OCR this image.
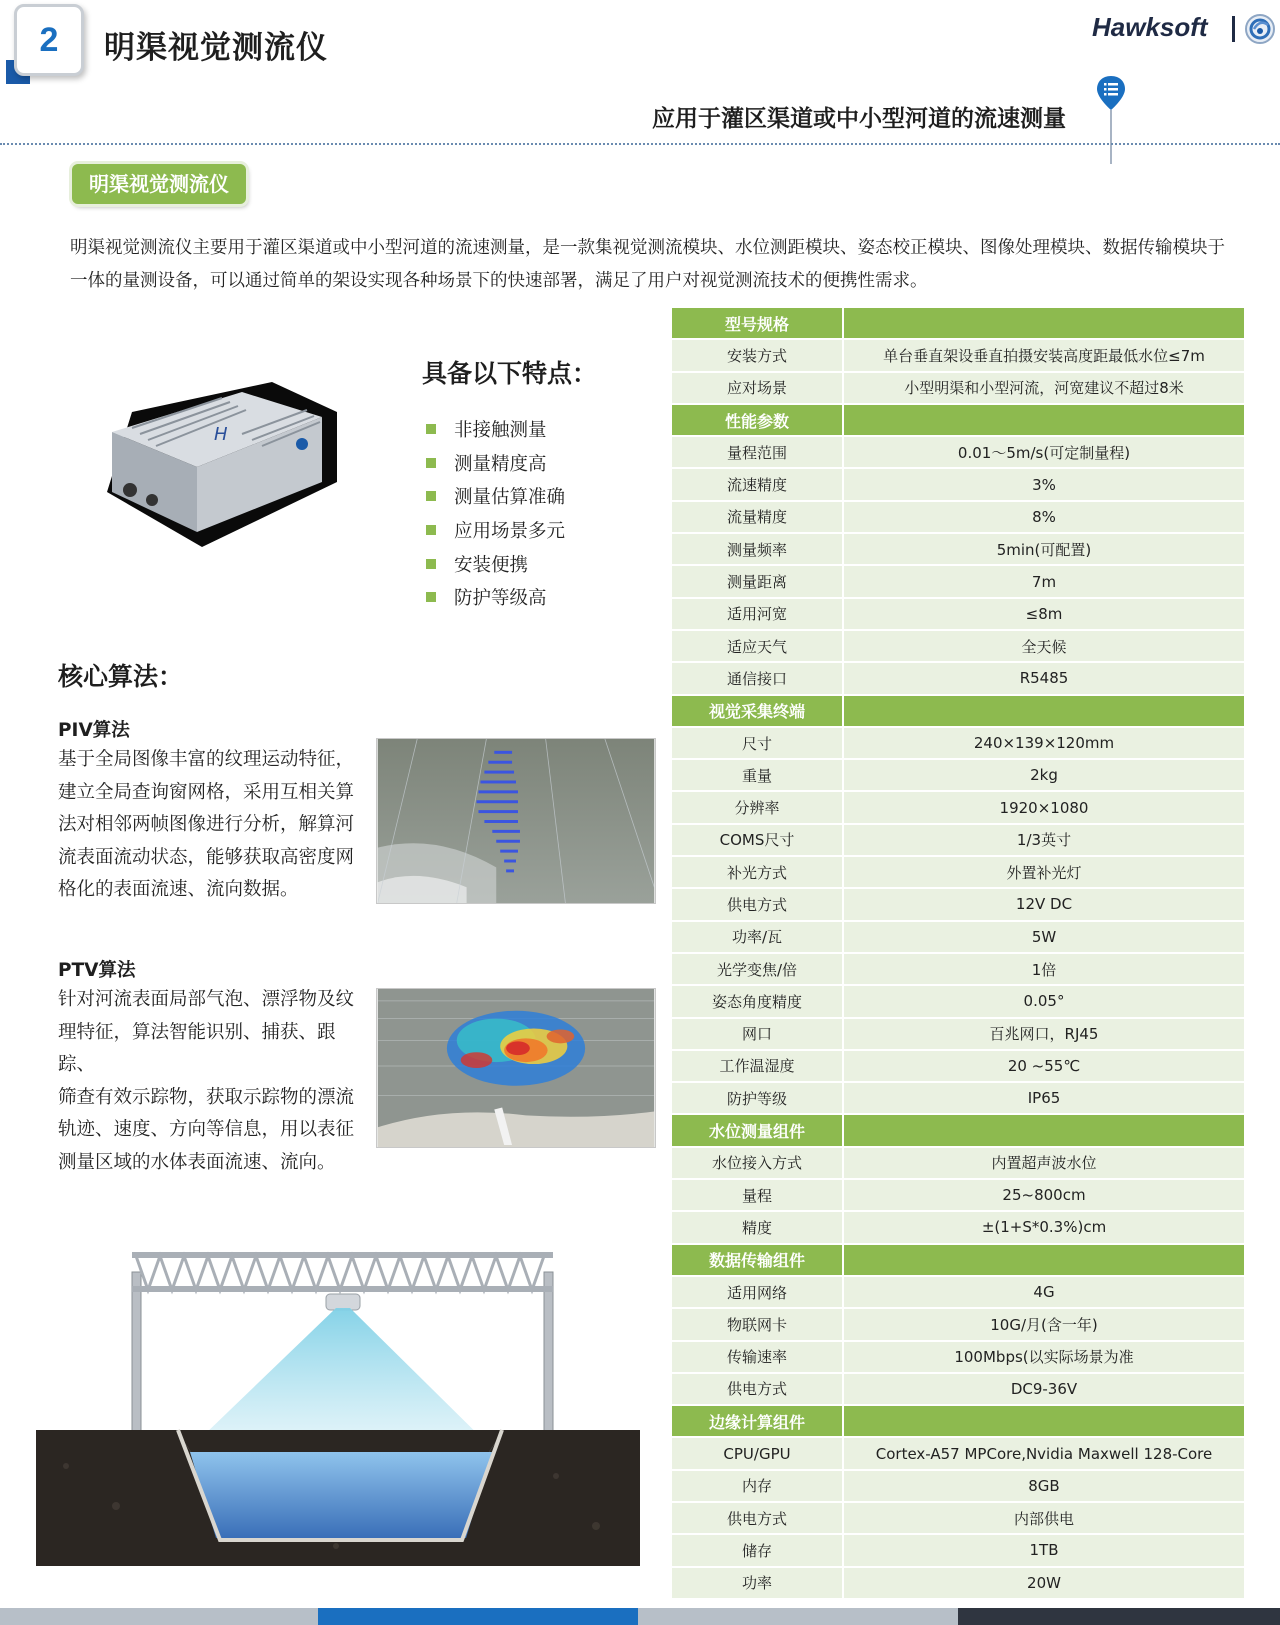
2	明渠视觉测流仪
Hawksoft
应用于灌区渠道或中小型河道的流速测量
明渠视觉测流仪
明渠视觉测流仪主要用于灌区渠道或中小型河道的流速测量，是一款集视觉测流模块、水位测距模块、姿态校正模块、图像处理模块、数据传输模块于一体的量测设备，可以通过简单的架设实现各种场景下的快速部署，满足了用户对视觉测流技术的便携性需求。
H
具备以下特点：
非接触测量
测量精度高
测量估算准确
应用场景多元
安装便携
防护等级高
核心算法：
PIV算法
基于全局图像丰富的纹理运动特征，
建立全局查询窗网格，采用互相关算
法对相邻两帧图像进行分析，解算河
流表面流动状态，能够获取高密度网
格化的表面流速、流向数据。
PTV算法
针对河流表面局部气泡、漂浮物及纹
理特征，算法智能识别、捕获、跟踪、
筛查有效示踪物，获取示踪物的漂流
轨迹、速度、方向等信息，用以表征
测量区域的水体表面流速、流向。
型号规格	
安装方式	单台垂直架设垂直拍摄安装高度距最低水位≤7m
应对场景	小型明渠和小型河流，河宽建议不超过8米
性能参数	
量程范围	0.01～5m/s(可定制量程)
流速精度	3%
流量精度	8%
测量频率	5min(可配置)
测量距离	7m
适用河宽	≤8m
适应天气	全天候
通信接口	R5485
视觉采集终端	
尺寸	240×139×120mm
重量	2kg
分辨率	1920×1080
COMS尺寸	1/3英寸
补光方式	外置补光灯
供电方式	12V DC
功率/瓦	5W
光学变焦/倍	1倍
姿态角度精度	0.05°
网口	百兆网口，RJ45
工作温湿度	20 ~55℃
防护等级	IP65
水位测量组件	
水位接入方式	内置超声波水位
量程	25~800cm
精度	±(1+S*0.3%)cm
数据传输组件	
适用网络	4G
物联网卡	10G/月(含一年)
传输速率	100Mbps(以实际场景为准
供电方式	DC9-36V
边缘计算组件	
CPU/GPU	Cortex-A57 MPCore,Nvidia Maxwell 128-Core
内存	8GB
供电方式	内部供电
储存	1TB
功率	20W
